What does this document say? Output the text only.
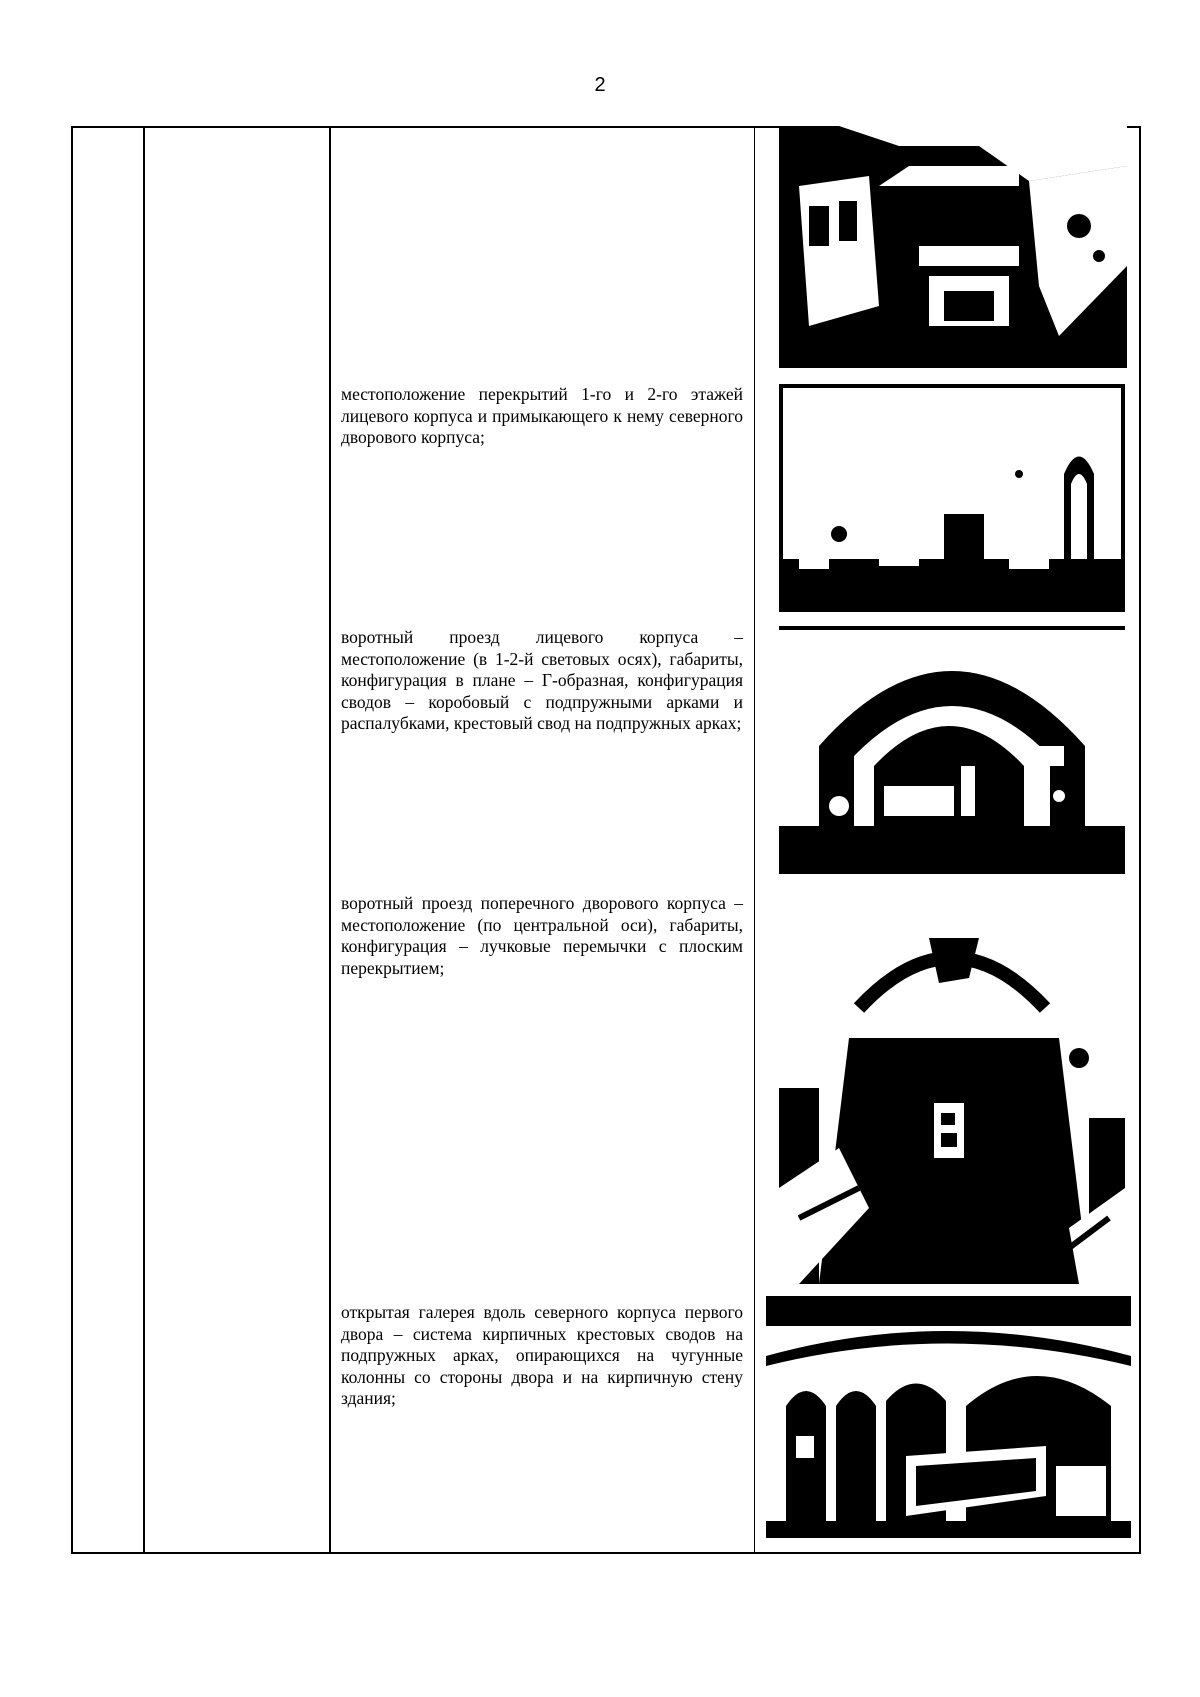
2
местоположение перекрытий 1-го и 2-го этажей лицевого корпуса и примыкающего к нему северного дворового корпуса;
воротный проезд лицевого корпуса – местоположение (в 1-2-й световых осях), габариты, конфигурация в плане – Г-образная, конфигурация сводов – коробовый с подпружными арками и распалубками, крестовый свод на подпружных арках;
воротный проезд поперечного дворового корпуса – местоположение (по центральной оси), габариты, конфигурация – лучковые перемычки с плоским перекрытием;
открытая галерея вдоль северного корпуса первого двора – система кирпичных крестовых сводов на подпружных арках, опирающихся на чугунные колонны со стороны двора и на кирпичную стену здания;
